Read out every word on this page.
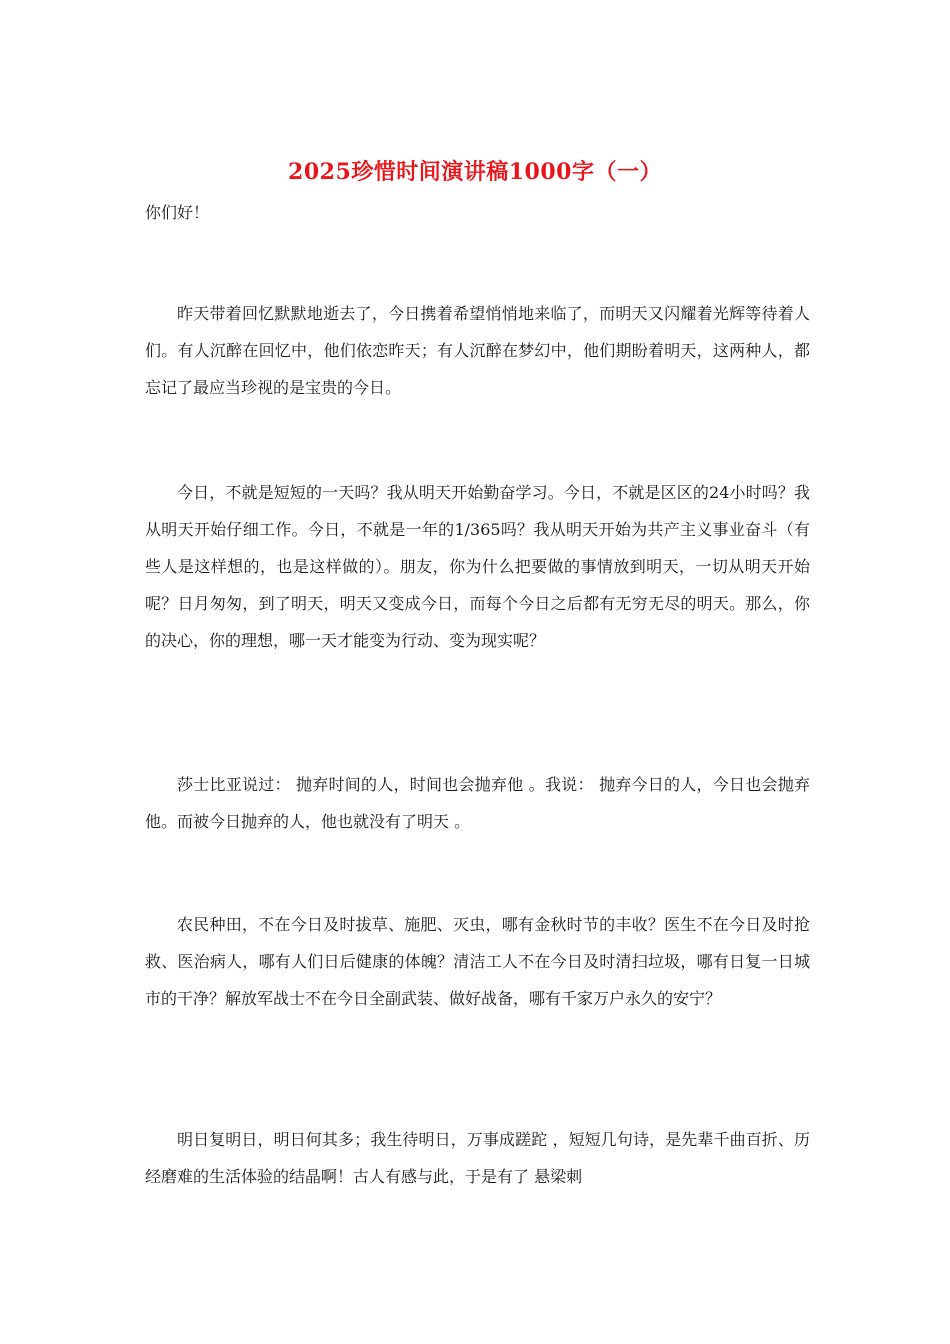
2025珍惜时间演讲稿1000字（一）
你们好！

昨天带着回忆默默地逝去了，今日携着希望悄悄地来临了，而明天又闪耀着光辉等待着人们。有人沉醉在回忆中，他们依恋昨天；有人沉醉在梦幻中，他们期盼着明天，这两种人，都忘记了最应当珍视的是宝贵的今日。

今日，不就是短短的一天吗？我从明天开始勤奋学习。今日，不就是区区的24小时吗？我从明天开始仔细工作。今日，不就是一年的1/365吗？我从明天开始为共产主义事业奋斗（有些人是这样想的，也是这样做的）。朋友，你为什么把要做的事情放到明天，一切从明天开始呢？日月匆匆，到了明天，明天又变成今日，而每个今日之后都有无穷无尽的明天。那么，你的决心，你的理想，哪一天才能变为行动、变为现实呢？

莎士比亚说过： 抛弃时间的人，时间也会抛弃他 。我说： 抛弃今日的人，今日也会抛弃他。而被今日抛弃的人，他也就没有了明天 。

农民种田，不在今日及时拔草、施肥、灭虫，哪有金秋时节的丰收？医生不在今日及时抢救、医治病人，哪有人们日后健康的体魄？清洁工人不在今日及时清扫垃圾，哪有日复一日城市的干净？解放军战士不在今日全副武装、做好战备，哪有千家万户永久的安宁？

明日复明日，明日何其多；我生待明日，万事成蹉跎 ，短短几句诗，是先辈千曲百折、历经磨难的生活体验的结晶啊！古人有感与此，于是有了 悬梁刺
